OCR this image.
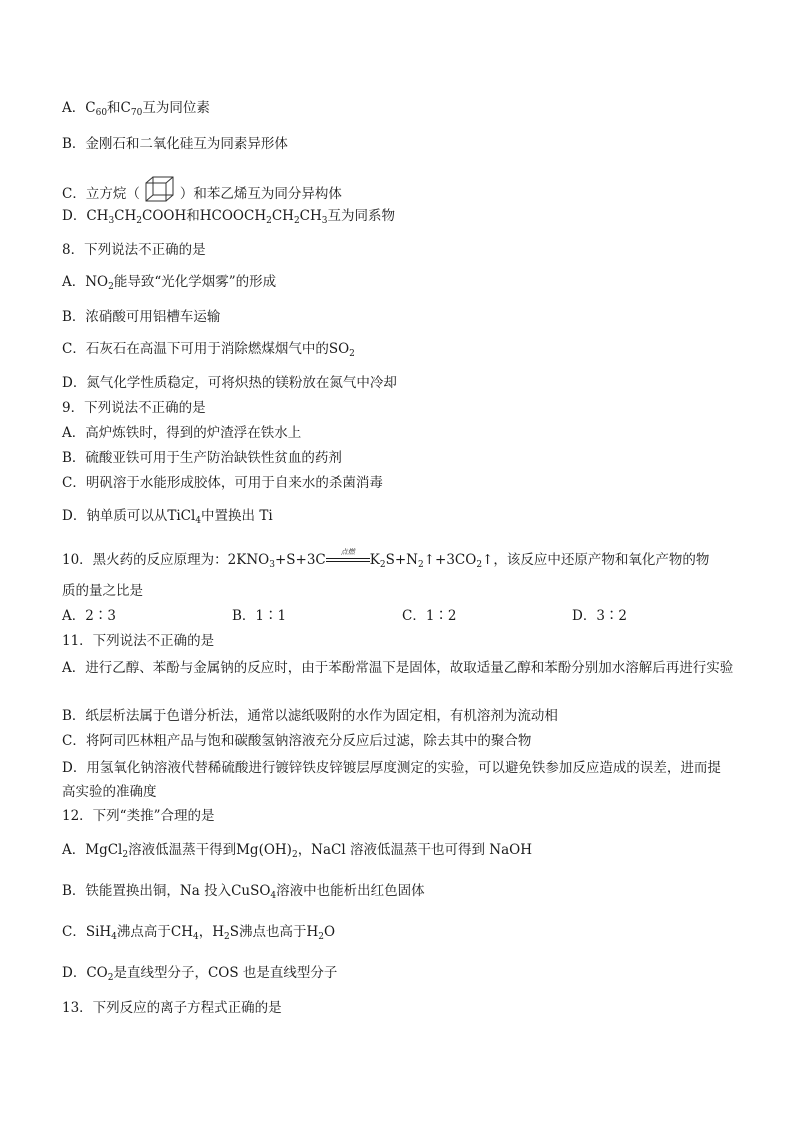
A．$C_{60}$和$C_{70}$互为同位素
B．金刚石和二氧化硅互为同素异形体
C．立方烷（	）和苯乙烯互为同分异构体
D．$CH_3CH_2COOH$和$HCOOCH_2CH_2CH_3$互为同系物
8．下列说法不正确的是
A．$NO_2$能导致“光化学烟雾”的形成
B．浓硝酸可用铝槽车运输
C．石灰石在高温下可用于消除燃煤烟气中的$SO_2$
D．氮气化学性质稳定，可将炽热的镁粉放在氮气中冷却
9．下列说法不正确的是
A．高炉炼铁时，得到的炉渣浮在铁水上
B．硫酸亚铁可用于生产防治缺铁性贫血的药剂
C．明矾溶于水能形成胶体，可用于自来水的杀菌消毒
D．钠单质可以从TiCl$_4$中置换出 Ti
10．黑火药的反应原理为：$2KNO_3+S+3C$	点燃	$K_2S+N_2↑+3CO_2↑$，该反应中还原产物和氧化产物的物
质的量之比是
A．2∶3	B．1∶1	C．1∶2	D．3∶2
11．下列说法不正确的是
A．进行乙醇、苯酚与金属钠的反应时，由于苯酚常温下是固体，故取适量乙醇和苯酚分别加水溶解后再进行实验
B．纸层析法属于色谱分析法，通常以滤纸吸附的水作为固定相，有机溶剂为流动相
C．将阿司匹林粗产品与饱和碳酸氢钠溶液充分反应后过滤，除去其中的聚合物
D．用氢氧化钠溶液代替稀硫酸进行镀锌铁皮锌镀层厚度测定的实验，可以避免铁参加反应造成的误差，进而提高实验的准确度
12．下列“类推”合理的是
A．MgCl$_2$溶液低温蒸干得到$Mg(OH)_2$，NaCl 溶液低温蒸干也可得到 NaOH
B．铁能置换出铜，Na 投入CuSO$_4$溶液中也能析出红色固体
C．SiH$_4$沸点高于$CH_4$，$H_2S$沸点也高于$H_2O$
D．$CO_2$是直线型分子，COS 也是直线型分子
13．下列反应的离子方程式正确的是
